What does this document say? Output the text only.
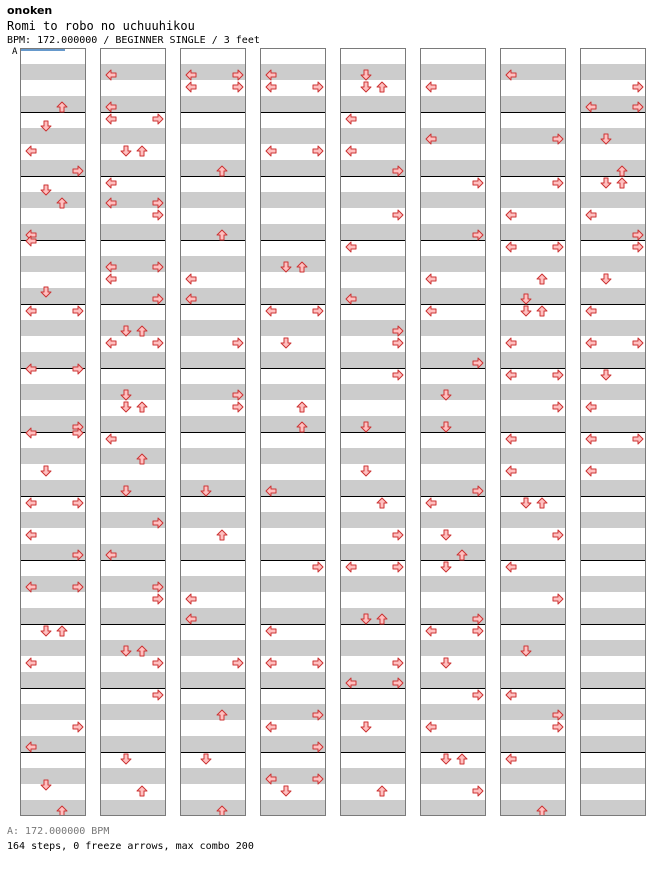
onoken
Romi to robo no uchuuhikou
BPM: 172.000000 / BEGINNER SINGLE / 3 feet
A
A: 172.000000 BPM
164 steps, 0 freeze arrows, max combo 200
